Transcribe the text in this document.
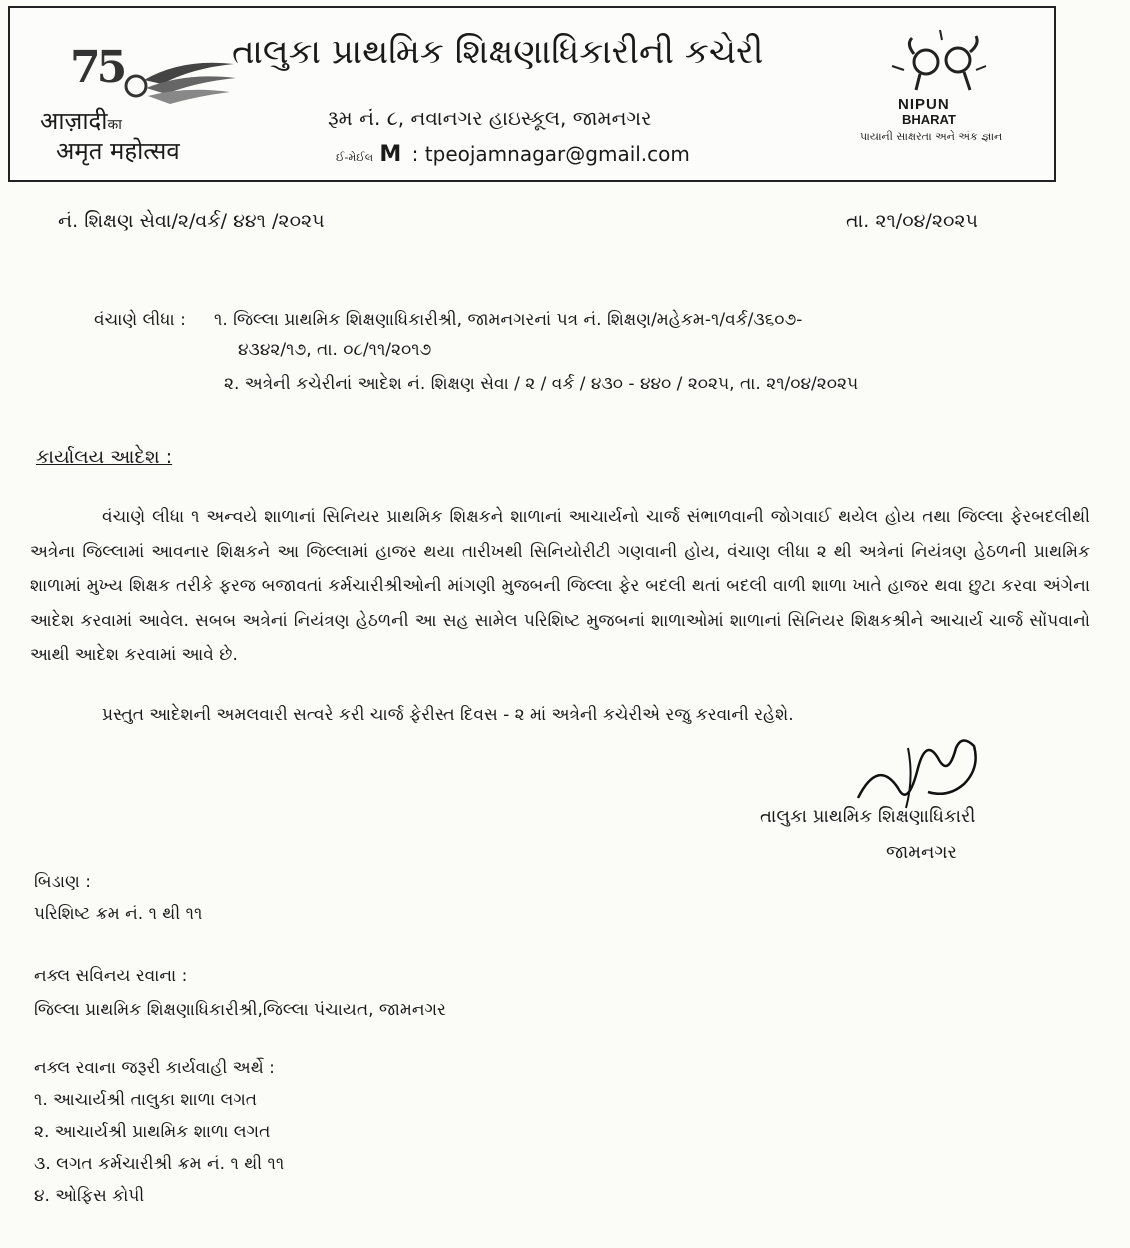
75
आज़ादीका
अमृत महोत्सव
તાલુકા પ્રાથમિક શિક્ષણાધિકારીની કચેરી
રૂમ નં. ૮, નવાનગર હાઇસ્કૂલ, જામનગર
ઈ-મેઈલ M : tpeojamnagar@gmail.com
NIPUN
BHARAT
પાયાની સાક્ષરતા અને અંક જ્ઞાન
નં. શિક્ષણ સેવા/૨/વર્ક/ ૪૪૧ /૨૦૨૫	તા. ૨૧/૦૪/૨૦૨૫
વંચાણે લીધા : ૧. જિલ્લા પ્રાથમિક શિક્ષણાધિકારીશ્રી, જામનગરનાં પત્ર નં. શિક્ષણ/મહેકમ-૧/વર્ક/૩૬૦૭-
૪૩૪૨/૧૭, તા. ૦૮/૧૧/૨૦૧૭
૨. અત્રેની કચેરીનાં આદેશ નં. શિક્ષણ સેવા / ૨ / વર્ક / ૪૩૦ - ૪૪૦ / ૨૦૨૫, તા. ૨૧/૦૪/૨૦૨૫
કાર્યાલય આદેશ :
વંચાણે લીધા ૧ અન્વયે શાળાનાં સિનિયર પ્રાથમિક શિક્ષકને શાળાનાં આચાર્યનો ચાર્જ સંભાળવાની જોગવાઈ થયેલ હોય તથા જિલ્લા ફેરબદલીથી અત્રેના જિલ્લામાં આવનાર શિક્ષકને આ જિલ્લામાં હાજર થયા તારીખથી સિનિયોરીટી ગણવાની હોય, વંચાણ લીધા ૨ થી અત્રેનાં નિયંત્રણ હેઠળની પ્રાથમિક શાળામાં મુખ્ય શિક્ષક તરીકે ફરજ બજાવતાં કર્મચારીશ્રીઓની માંગણી મુજબની જિલ્લા ફેર બદલી થતાં બદલી વાળી શાળા ખાતે હાજર થવા છુટા કરવા અંગેના આદેશ કરવામાં આવેલ. સબબ અત્રેનાં નિયંત્રણ હેઠળની આ સહ સામેલ પરિશિષ્ટ મુજબનાં શાળાઓમાં શાળાનાં સિનિયર શિક્ષકશ્રીને આચાર્ય ચાર્જ સોંપવાનો આથી આદેશ કરવામાં આવે છે.
પ્રસ્તુત આદેશની અમલવારી સત્વરે કરી ચાર્જ ફેરીસ્ત દિવસ - ૨ માં અત્રેની કચેરીએ રજુ કરવાની રહેશે.
તાલુકા પ્રાથમિક શિક્ષણાધિકારી
જામનગર
બિડાણ :
પરિશિષ્ટ ક્રમ નં. ૧ થી ૧૧
નક્લ સવિનય રવાના :
જિલ્લા પ્રાથમિક શિક્ષણાધિકારીશ્રી,જિલ્લા પંચાયત, જામનગર
નક્લ રવાના જરૂરી કાર્યવાહી અર્થે :
૧. આચાર્યશ્રી તાલુકા શાળા લગત
૨. આચાર્યશ્રી પ્રાથમિક શાળા લગત
૩. લગત કર્મચારીશ્રી ક્રમ નં. ૧ થી ૧૧
૪. ઓફિસ કોપી
